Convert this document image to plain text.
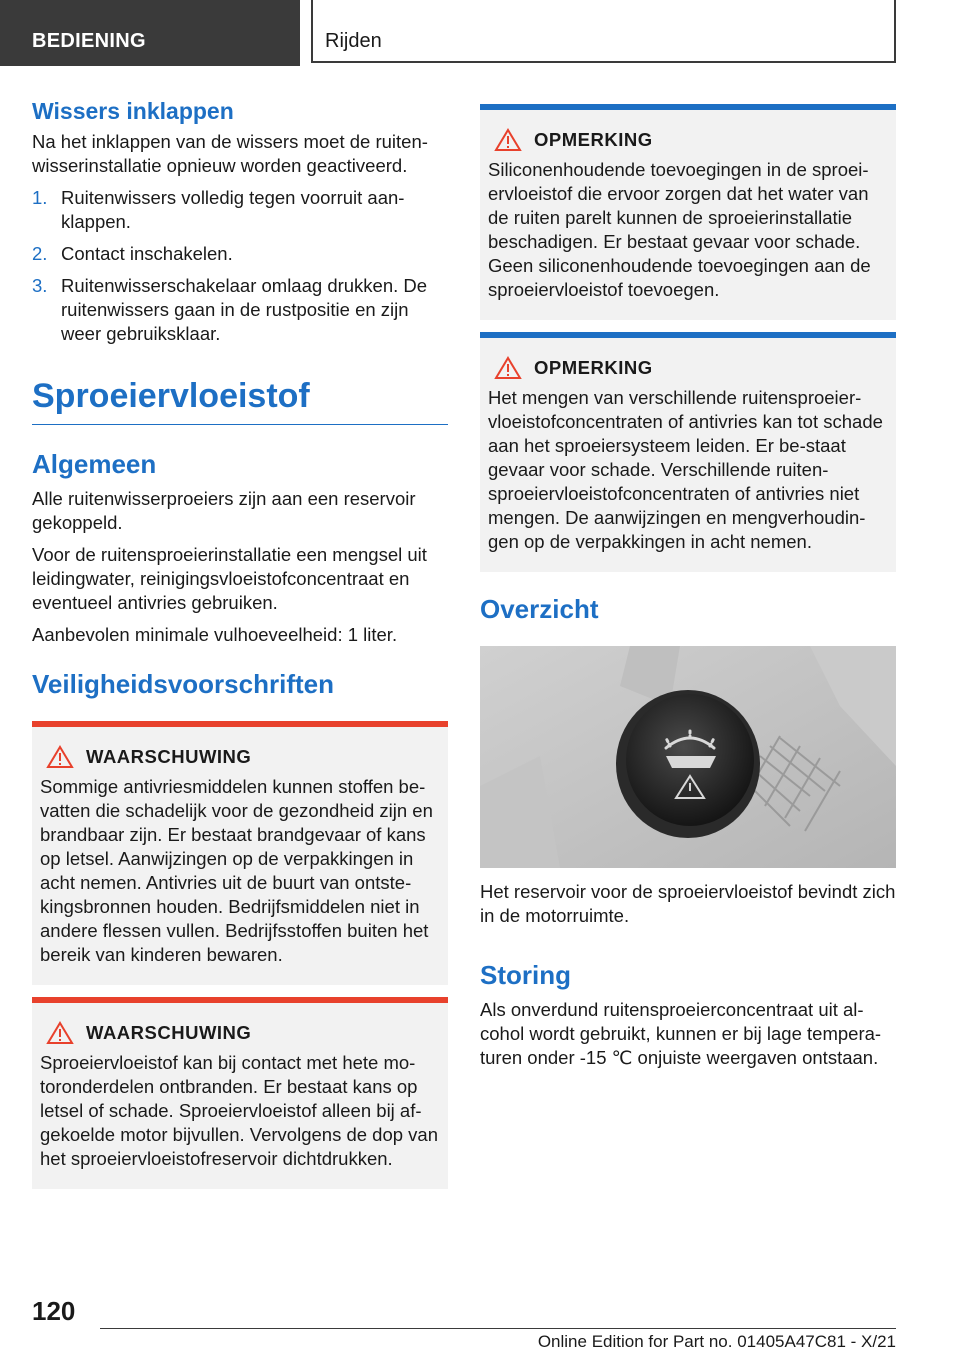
BEDIENING	Rijden
Wissers inklappen

Na het inklappen van de wissers moet de ruiten-wisserinstallatie opnieuw worden geactiveerd.

1. Ruitenwissers volledig tegen voorruit aan-klappen.
2. Contact inschakelen.
3. Ruitenwisserschakelaar omlaag drukken. De ruitenwissers gaan in de rustpositie en zijn weer gebruiksklaar.
Sproeiervloeistof
Algemeen

Alle ruitenwisserproeiers zijn aan een reservoir gekoppeld.

Voor de ruitensproeierinstallatie een mengsel uit leidingwater, reinigingsvloeistofconcentraat en eventueel antivries gebruiken.

Aanbevolen minimale vulhoeveelheid: 1 liter.

Veiligheidsvoorschriften
WAARSCHUWING

Sommige antivriesmiddelen kunnen stoffen be-vatten die schadelijk voor de gezondheid zijn en brandbaar zijn. Er bestaat brandgevaar of kans op letsel. Aanwijzingen op de verpakkingen in acht nemen. Antivries uit de buurt van ontste-kingsbronnen houden. Bedrijfsmiddelen niet in andere flessen vullen. Bedrijfsstoffen buiten het bereik van kinderen bewaren.

WAARSCHUWING

Sproeiervloeistof kan bij contact met hete mo-toronderdelen ontbranden. Er bestaat kans op letsel of schade. Sproeiervloeistof alleen bij af-gekoelde motor bijvullen. Vervolgens de dop van het sproeiervloeistofreservoir dichtdrukken.

OPMERKING

Siliconenhoudende toevoegingen in de sproei-ervloeistof die ervoor zorgen dat het water van de ruiten parelt kunnen de sproeierinstallatie beschadigen. Er bestaat gevaar voor schade. Geen siliconenhoudende toevoegingen aan de sproeiervloeistof toevoegen.

OPMERKING

Het mengen van verschillende ruitensproeier-vloeistofconcentraten of antivries kan tot schade aan het sproeiersysteem leiden. Er be-staat gevaar voor schade. Verschillende ruiten-sproeiervloeistofconcentraten of antivries niet mengen. De aanwijzingen en mengverhoudin-gen op de verpakkingen in acht nemen.

Overzicht

Het reservoir voor de sproeiervloeistof bevindt zich in de motorruimte.

Storing

Als onverdund ruitensproeierconcentraat uit al-cohol wordt gebruikt, kunnen er bij lage tempera-turen onder -15 ℃ onjuiste weergaven ontstaan.

120
Online Edition for Part no. 01405A47C81 - X/21
